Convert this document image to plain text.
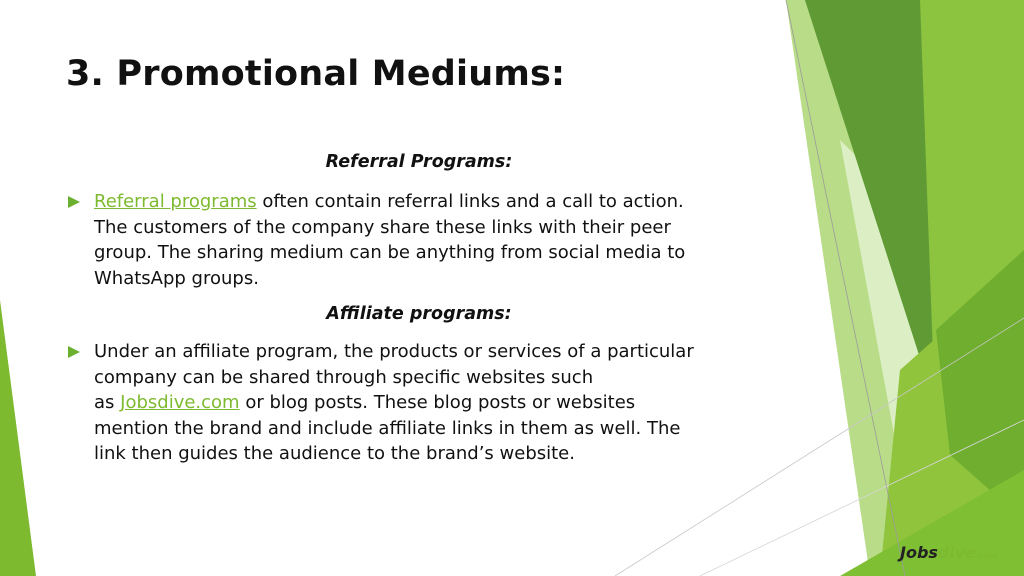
3. Promotional Mediums:
Referral Programs:

Referral programs often contain referral links and a call to action.
The customers of the company share these links with their peer
group. The sharing medium can be anything from social media to
WhatsApp groups.

Affiliate programs:

Under an affiliate program, the products or services of a particular
company can be shared through specific websites such
as Jobsdive.com or blog posts. These blog posts or websites
mention the brand and include affiliate links in them as well. The
link then guides the audience to the brand’s website.

Jobsdive.com
